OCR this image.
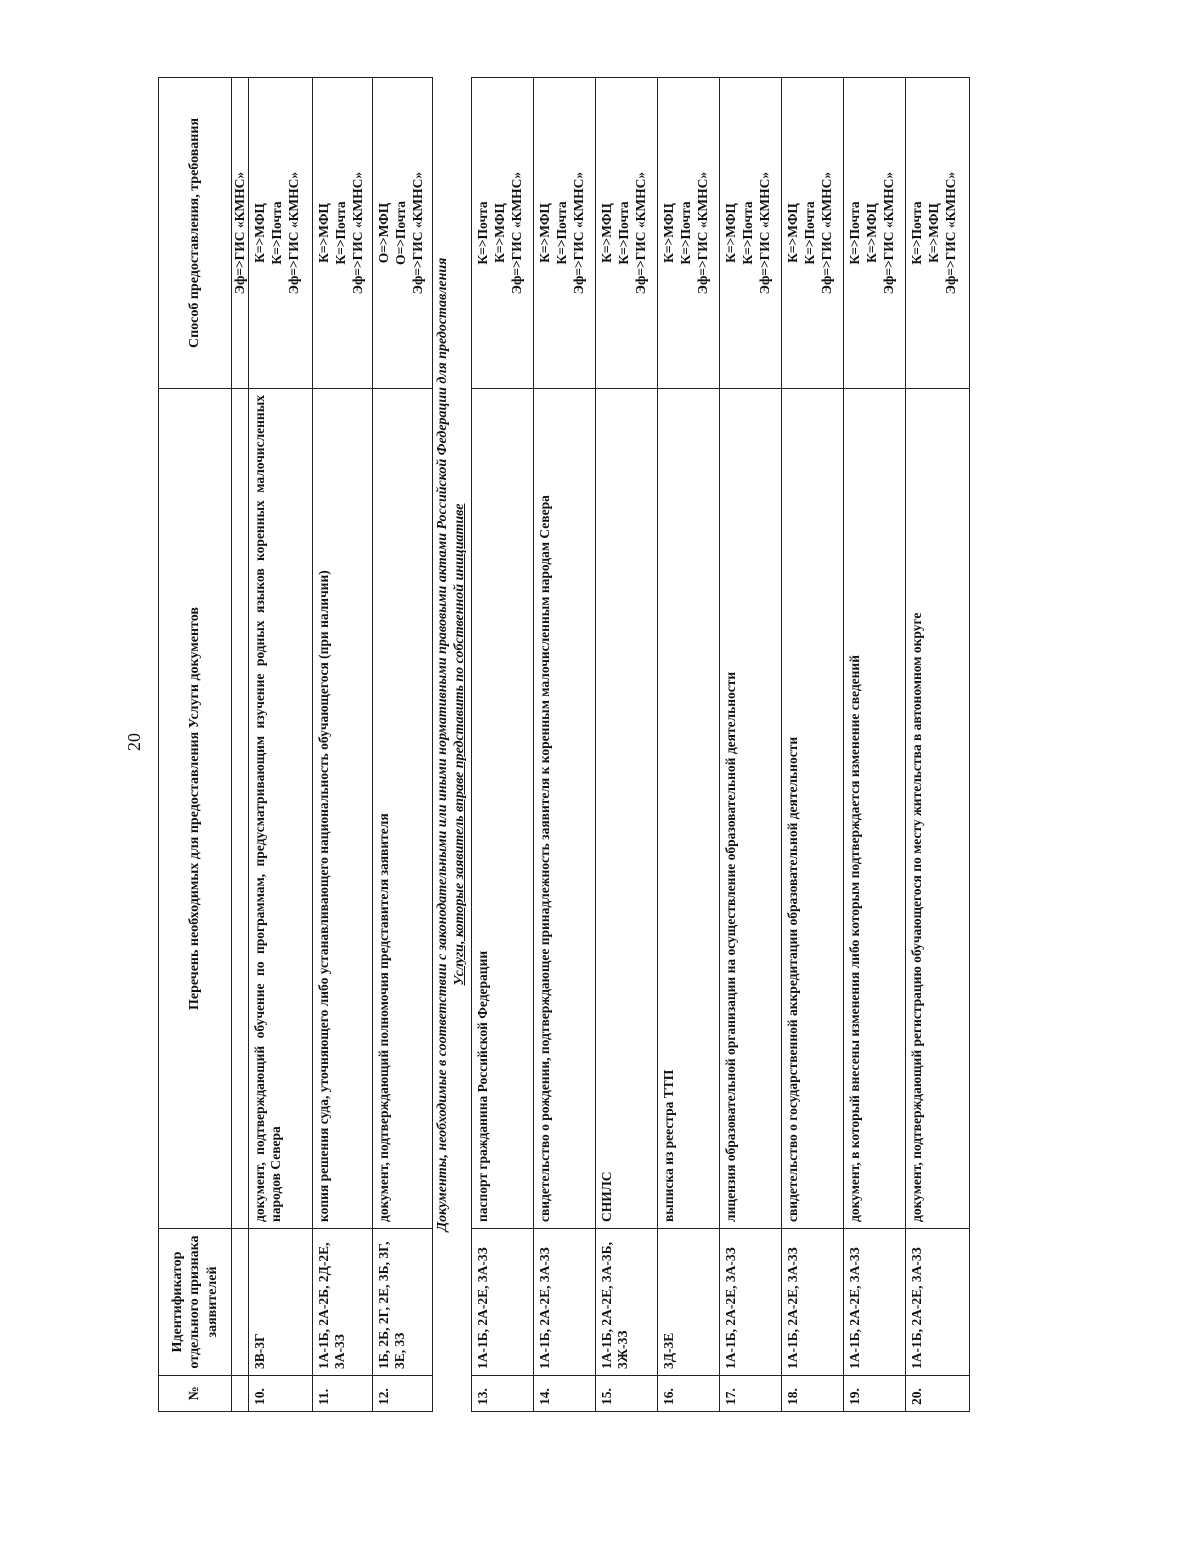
20
№	Идентификатор отдельного признака заявителей	Перечень необходимых для предоставления Услуги документов	Способ предоставления, требования
			Эф=>ГИС «КМНС»
10.	3В-3Г	документ, подтверждающий обучение по программам, предусматривающим изучение родных языков коренных малочисленных народов Севера	К=>МФЦ К=>Почта Эф=>ГИС «КМНС»

11.	1А-1Б, 2А-2Б, 2Д-2Е, 3А-3З	копия решения суда, уточняющего либо устанавливающего национальность обучающегося (при наличии)	К=>МФЦ К=>Почта Эф=>ГИС «КМНС»

12.	1Б, 2Б, 2Г, 2Е, 3Б, 3Г, 3Е, 3З	документ, подтверждающий полномочия представителя заявителя	О=>МФЦ О=>Почта Эф=>ГИС «КМНС»

Документы, необходимые в соответствии с законодательными или иными нормативными правовыми актами Российской Федерации для предоставления Услуги, которые заявитель вправе представить по собственной инициативе			

13.	1А-1Б, 2А-2Е, 3А-3З	паспорт гражданина Российской Федерации	К=>Почта К=>МФЦ Эф=>ГИС «КМНС»

14.	1А-1Б, 2А-2Е, 3А-3З	свидетельство о рождении, подтверждающее принадлежность заявителя к коренным малочисленным народам Севера	К=>МФЦ К=>Почта Эф=>ГИС «КМНС»

15.	1А-1Б, 2А-2Е, 3А-3Б, 3Ж-3З	СНИЛС	К=>МФЦ К=>Почта Эф=>ГИС «КМНС»

16.	3Д-3Е	выписка из реестра ТТП	К=>МФЦ К=>Почта Эф=>ГИС «КМНС»

17.	1А-1Б, 2А-2Е, 3А-3З	лицензия образовательной организации на осуществление образовательной деятельности	К=>МФЦ К=>Почта Эф=>ГИС «КМНС»

18.	1А-1Б, 2А-2Е, 3А-3З	свидетельство о государственной аккредитации образовательной деятельности	К=>МФЦ К=>Почта Эф=>ГИС «КМНС»

19.	1А-1Б, 2А-2Е, 3А-3З	документ, в который внесены изменения либо которым подтверждается изменение сведений	К=>Почта К=>МФЦ Эф=>ГИС «КМНС»

20.	1А-1Б, 2А-2Е, 3А-3З	документ, подтверждающий регистрацию обучающегося по месту жительства в автономном округе	К=>Почта К=>МФЦ Эф=>ГИС «КМНС»
